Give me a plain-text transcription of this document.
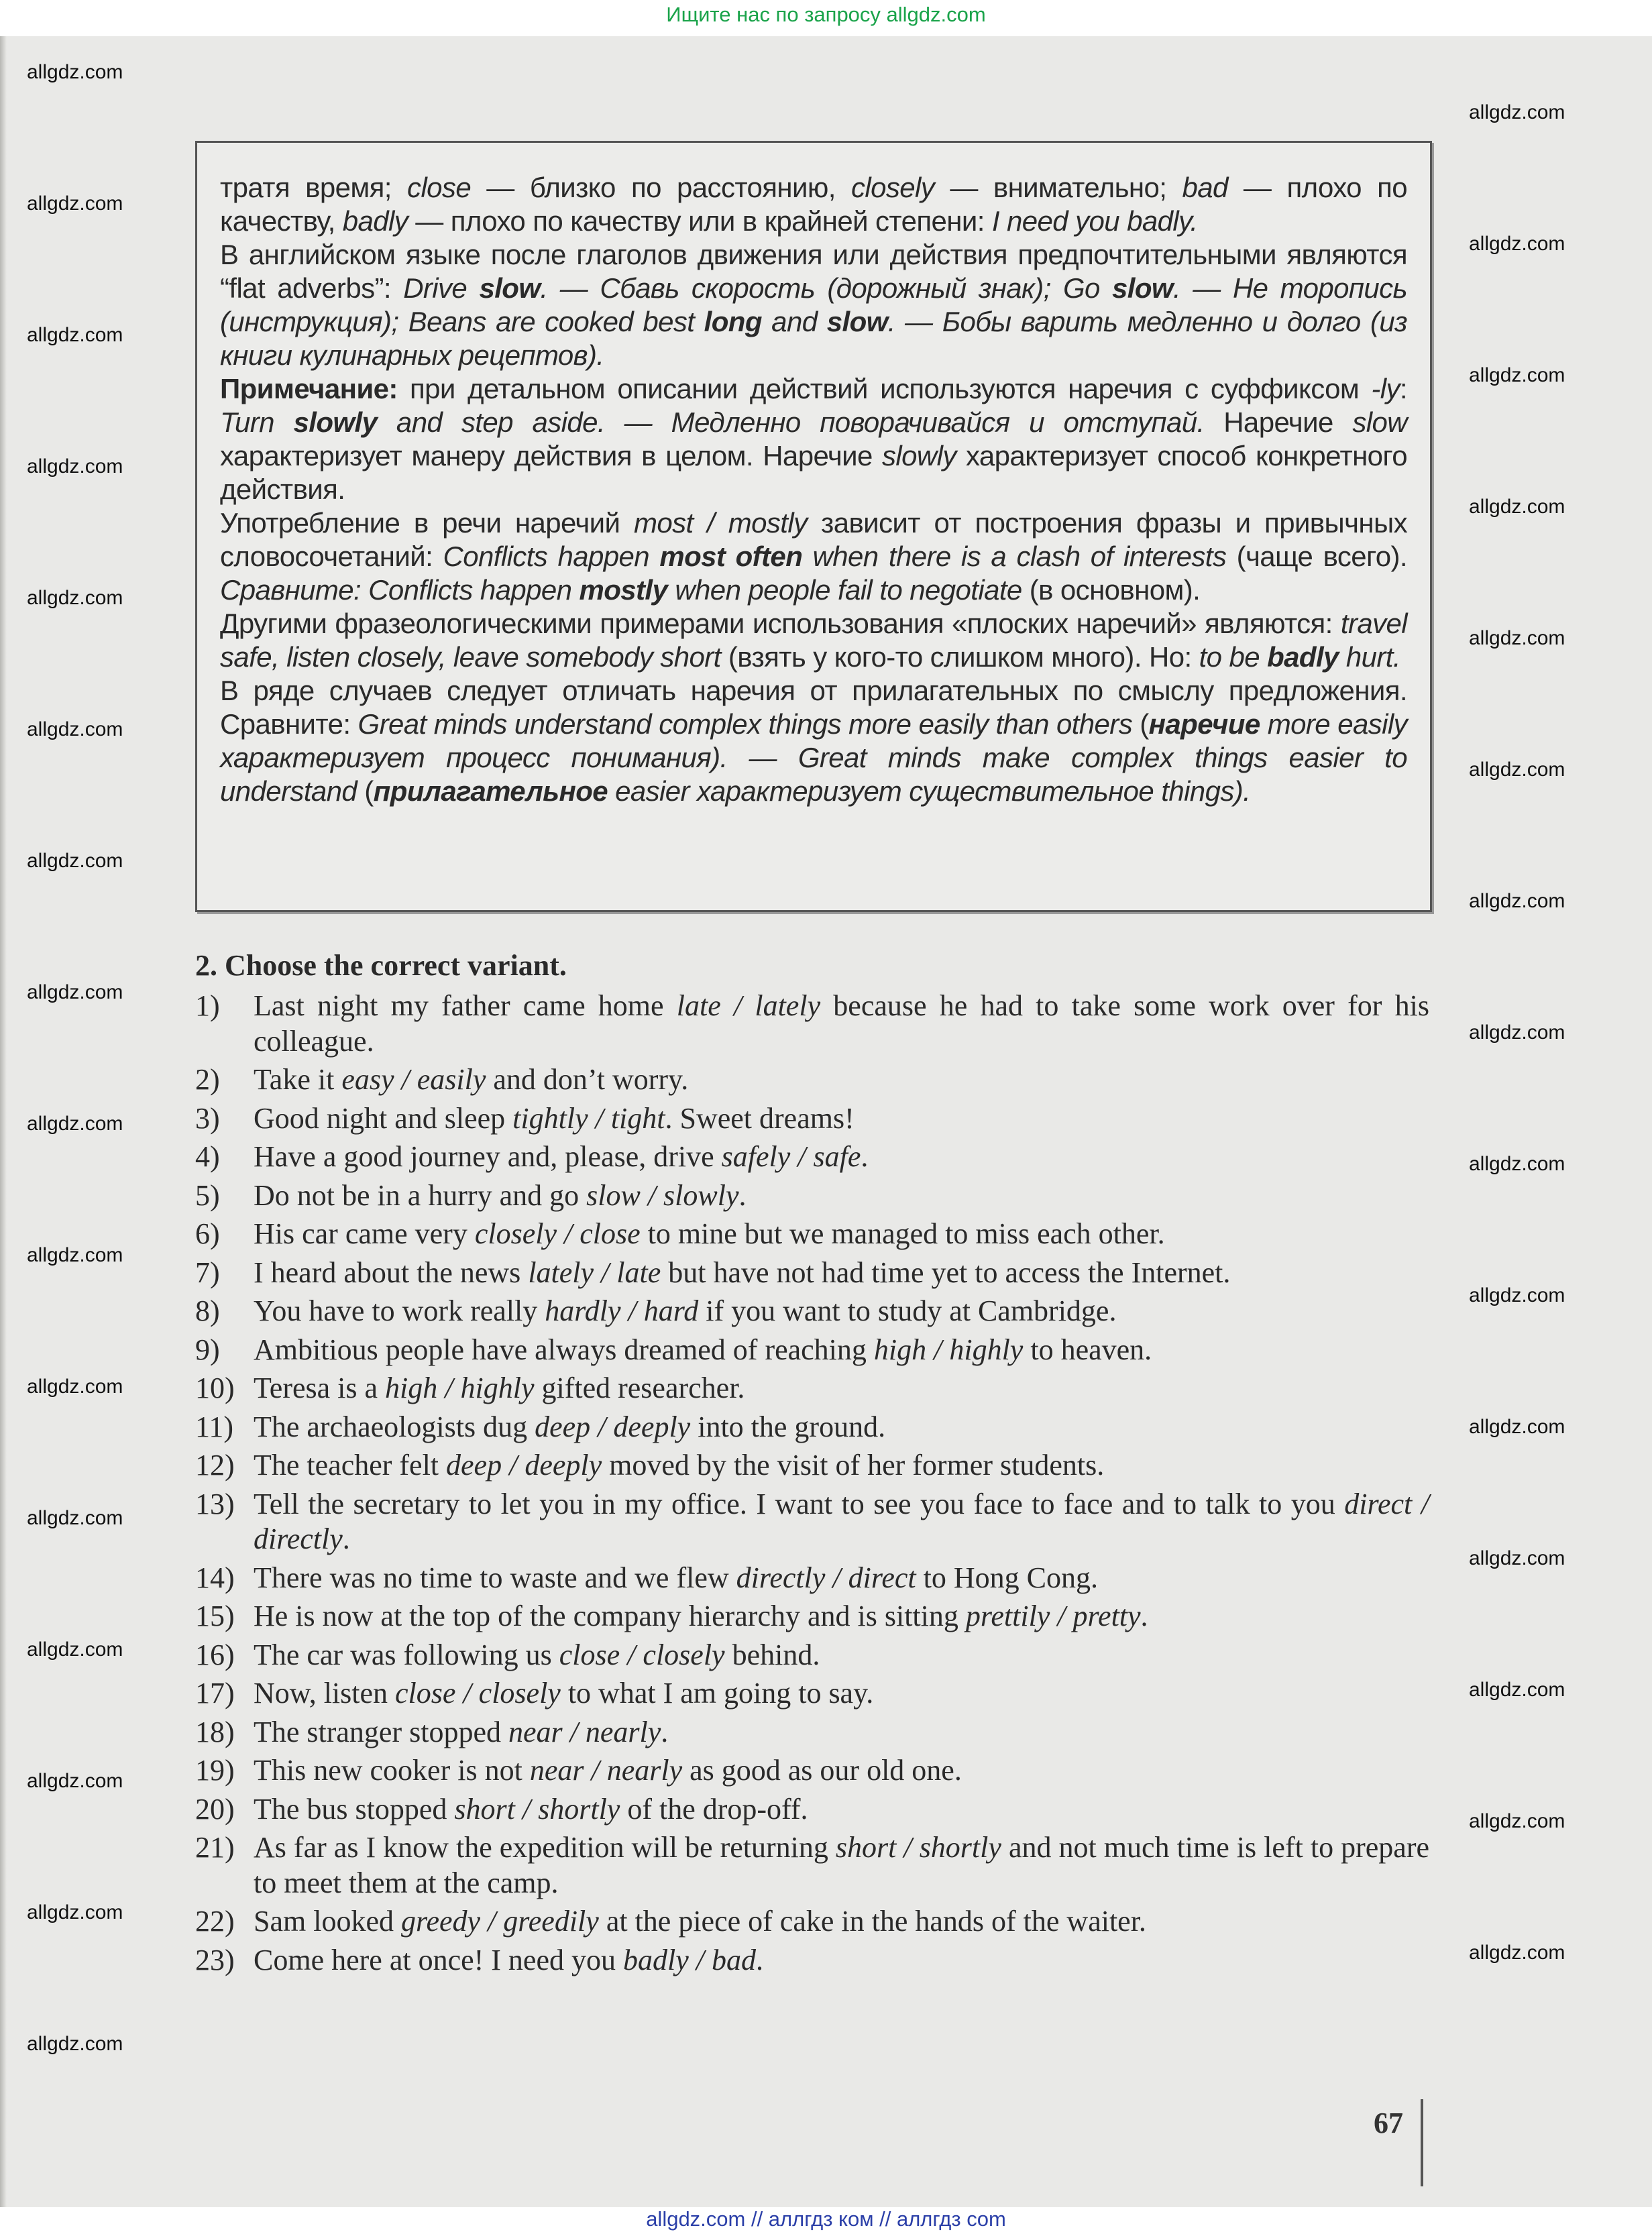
Ищите нас по запросу allgdz.com

тратя время; close — близко по расстоянию, closely — внимательно; bad — плохо по качеству, badly — плохо по качеству или в крайней степени: I need you badly.

В английском языке после глаголов движения или действия предпочтительными являются “flat adverbs”: Drive slow. — Сбавь скорость (дорожный знак); Go slow. — Не торопись (инструкция); Beans are cooked best long and slow. — Бобы варить медленно и долго (из книги кулинарных рецептов).

Примечание: при детальном описании действий используются наречия с суффиксом -ly: Turn slowly and step aside. — Медленно поворачивайся и отступай. Наречие slow характеризует манеру действия в целом. Наречие slowly характеризует способ конкретного действия.

Употребление в речи наречий most / mostly зависит от построения фразы и привычных словосочетаний: Conflicts happen most often when there is a clash of interests (чаще всего). Сравните: Conflicts happen mostly when people fail to negotiate (в основном).

Другими фразеологическими примерами использования «плоских наречий» являются: travel safe, listen closely, leave somebody short (взять у кого-то слишком много). Но: to be badly hurt.

В ряде случаев следует отличать наречия от прилагательных по смыслу предложения. Сравните: Great minds understand complex things more easily than others (наречие more easily характеризует процесс понимания). — Great minds make complex things easier to understand (прилагательное easier характеризует существительное things).

2. Choose the correct variant.
1) Last night my father came home late / lately because he had to take some work over for his colleague.
2) Take it easy / easily and don’t worry.
3) Good night and sleep tightly / tight. Sweet dreams!
4) Have a good journey and, please, drive safely / safe.
5) Do not be in a hurry and go slow / slowly.
6) His car came very closely / close to mine but we managed to miss each other.
7) I heard about the news lately / late but have not had time yet to access the Internet.
8) You have to work really hardly / hard if you want to study at Cambridge.
9) Ambitious people have always dreamed of reaching high / highly to heaven.
10) Teresa is a high / highly gifted researcher.
11) The archaeologists dug deep / deeply into the ground.
12) The teacher felt deep / deeply moved by the visit of her former students.
13) Tell the secretary to let you in my office. I want to see you face to face and to talk to you direct / directly.
14) There was no time to waste and we flew directly / direct to Hong Cong.
15) He is now at the top of the company hierarchy and is sitting prettily / pretty.
16) The car was following us close / closely behind.
17) Now, listen close / closely to what I am going to say.
18) The stranger stopped near / nearly.
19) This new cooker is not near / nearly as good as our old one.
20) The bus stopped short / shortly of the drop-off.
21) As far as I know the expedition will be returning short / shortly and not much time is left to prepare to meet them at the camp.
22) Sam looked greedy / greedily at the piece of cake in the hands of the waiter.
23) Come here at once! I need you badly / bad.
67
allgdz.com // аллгдз ком // аллгдз com
allgdz.com
allgdz.com
allgdz.com
allgdz.com
allgdz.com
allgdz.com
allgdz.com
allgdz.com
allgdz.com
allgdz.com
allgdz.com
allgdz.com
allgdz.com
allgdz.com
allgdz.com
allgdz.com
allgdz.com
allgdz.com
allgdz.com
allgdz.com
allgdz.com
allgdz.com
allgdz.com
allgdz.com
allgdz.com
allgdz.com
allgdz.com
allgdz.com
allgdz.com
allgdz.com
allgdz.com
